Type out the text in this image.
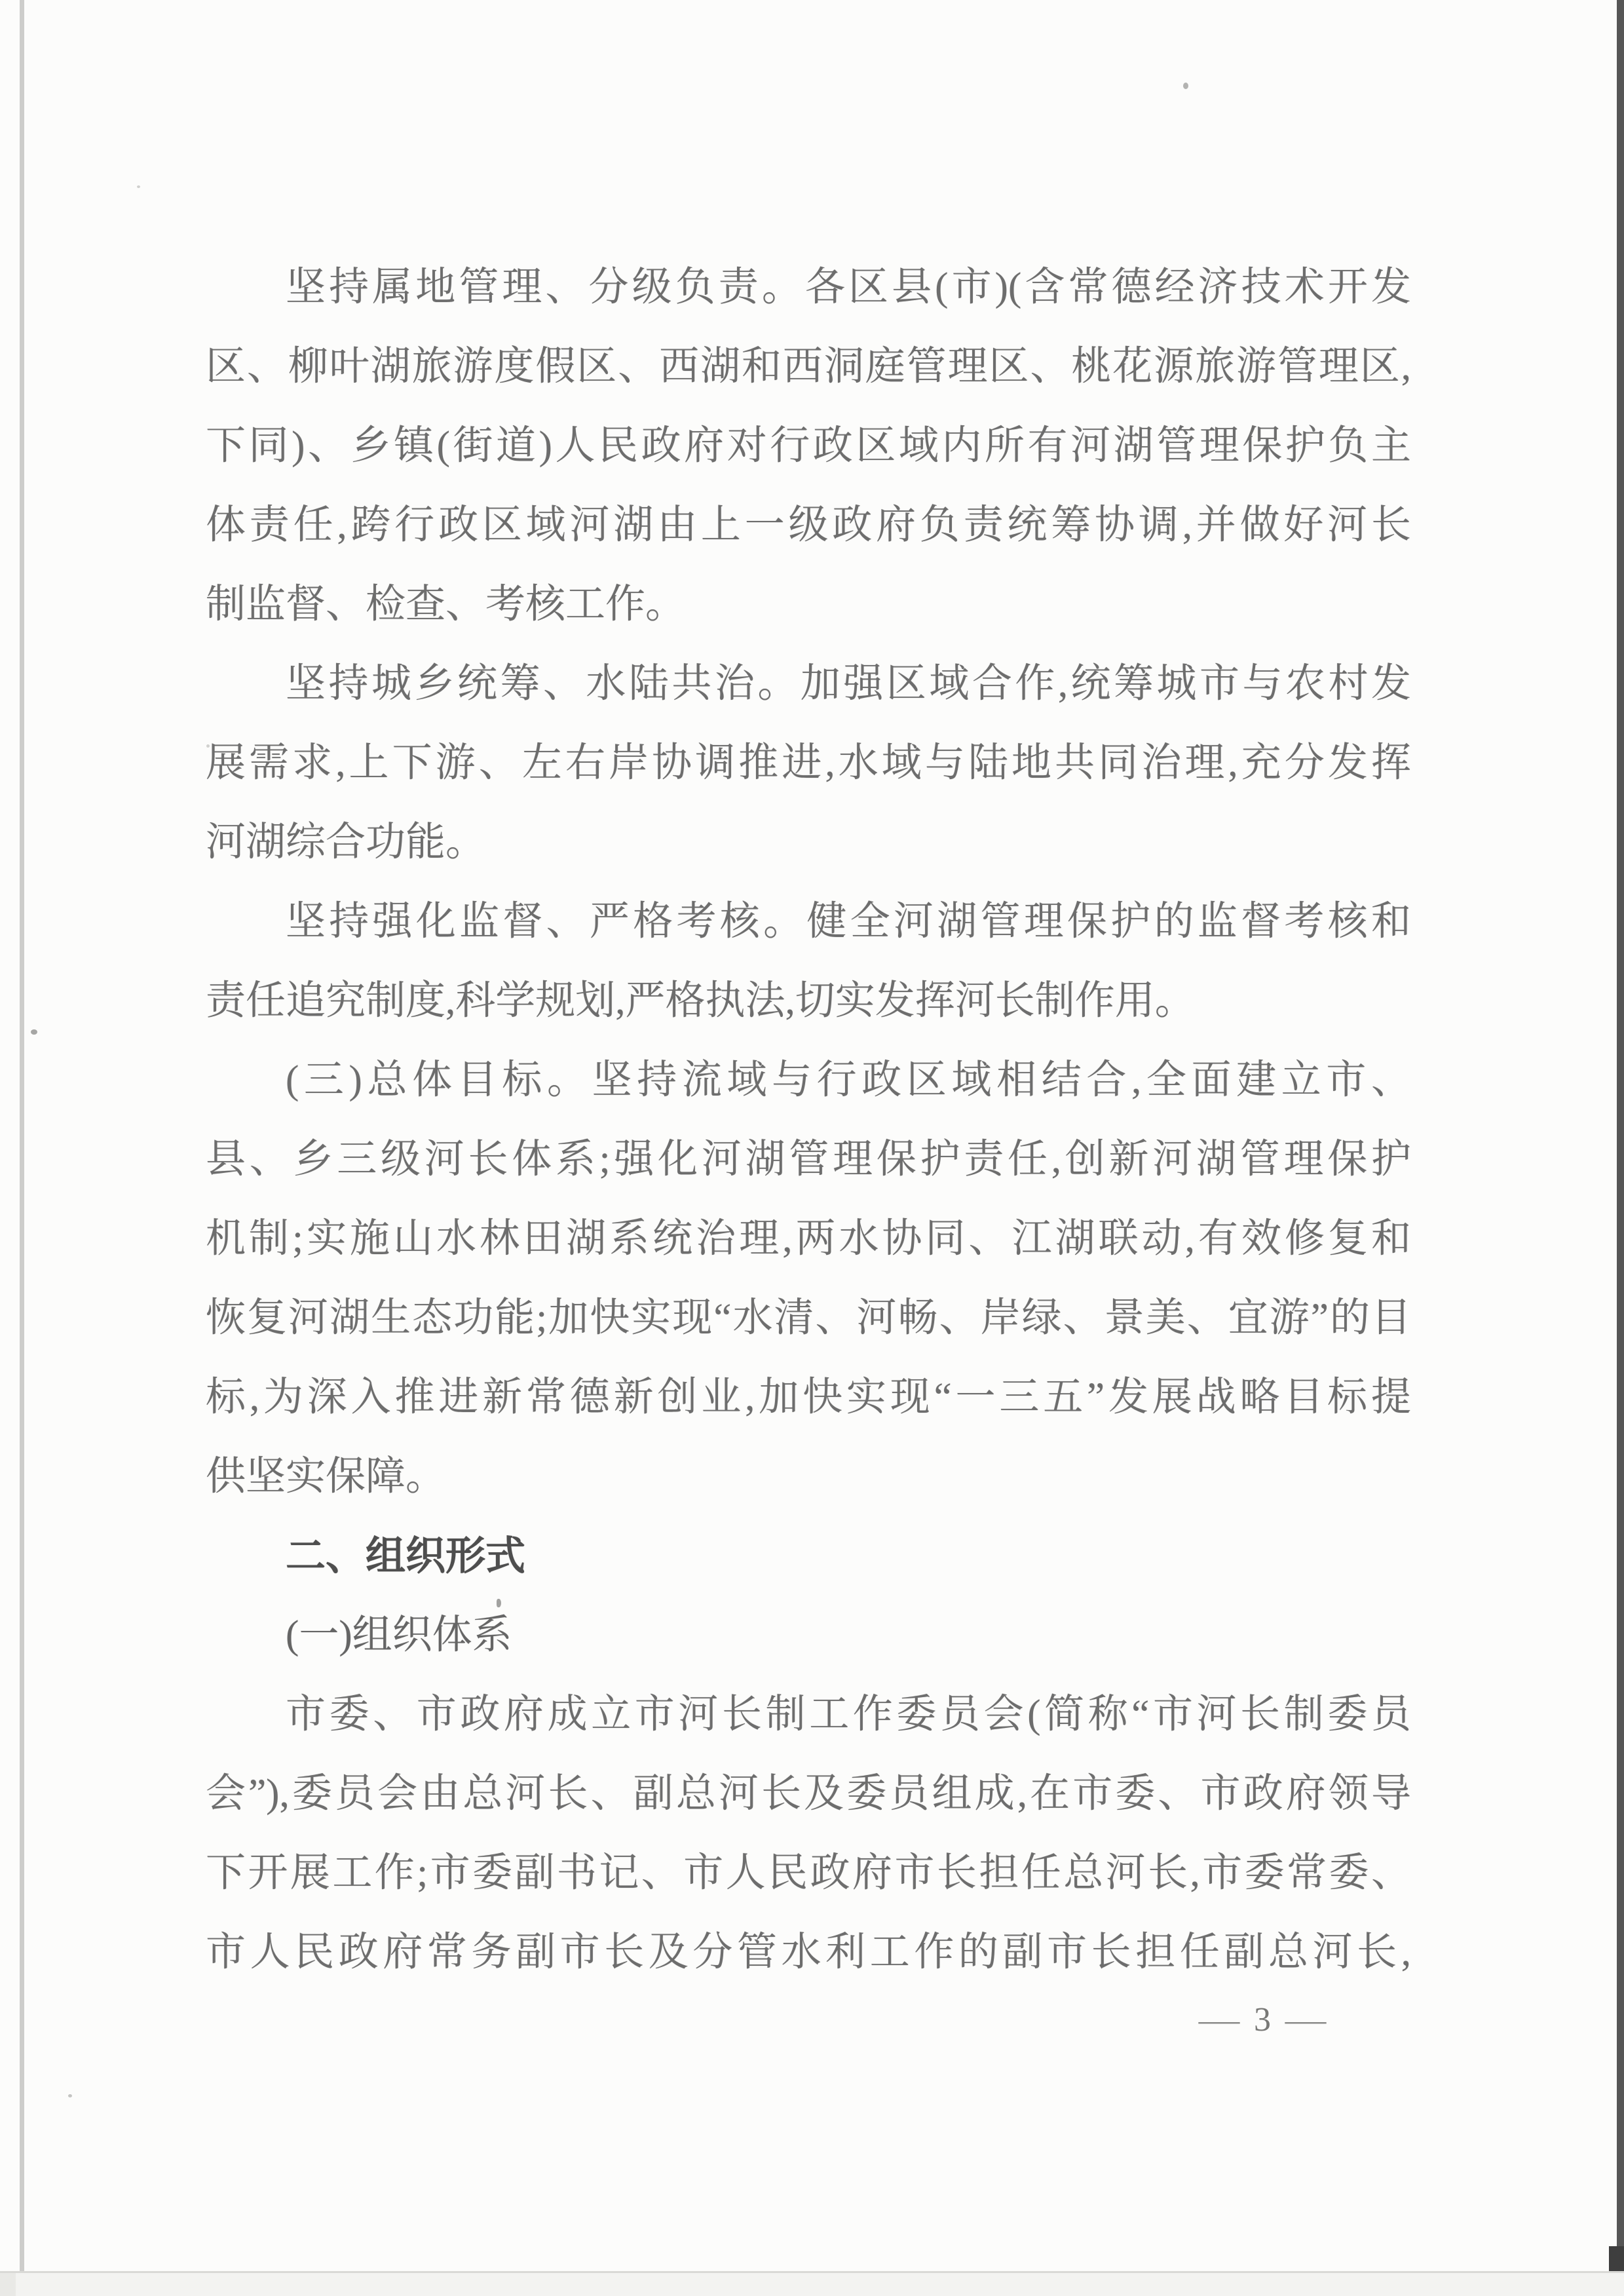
坚持属地管理、分级负责。各区县(市)(含常德经济技术开发
区、柳叶湖旅游度假区、西湖和西洞庭管理区、桃花源旅游管理区,
下同)、乡镇(街道)人民政府对行政区域内所有河湖管理保护负主
体责任,跨行政区域河湖由上一级政府负责统筹协调,并做好河长
制监督、检查、考核工作。
坚持城乡统筹、水陆共治。加强区域合作,统筹城市与农村发
展需求,上下游、左右岸协调推进,水域与陆地共同治理,充分发挥
河湖综合功能。
坚持强化监督、严格考核。健全河湖管理保护的监督考核和
责任追究制度,科学规划,严格执法,切实发挥河长制作用。
(三)总体目标。坚持流域与行政区域相结合,全面建立市、
县、乡三级河长体系;强化河湖管理保护责任,创新河湖管理保护
机制;实施山水林田湖系统治理,两水协同、江湖联动,有效修复和
恢复河湖生态功能;加快实现“水清、河畅、岸绿、景美、宜游”的目
标,为深入推进新常德新创业,加快实现“一三五”发展战略目标提
供坚实保障。
二、组织形式
(一)组织体系
市委、市政府成立市河长制工作委员会(简称“市河长制委员
会”),委员会由总河长、副总河长及委员组成,在市委、市政府领导
下开展工作;市委副书记、市人民政府市长担任总河长,市委常委、
市人民政府常务副市长及分管水利工作的副市长担任副总河长,
— 3 —
